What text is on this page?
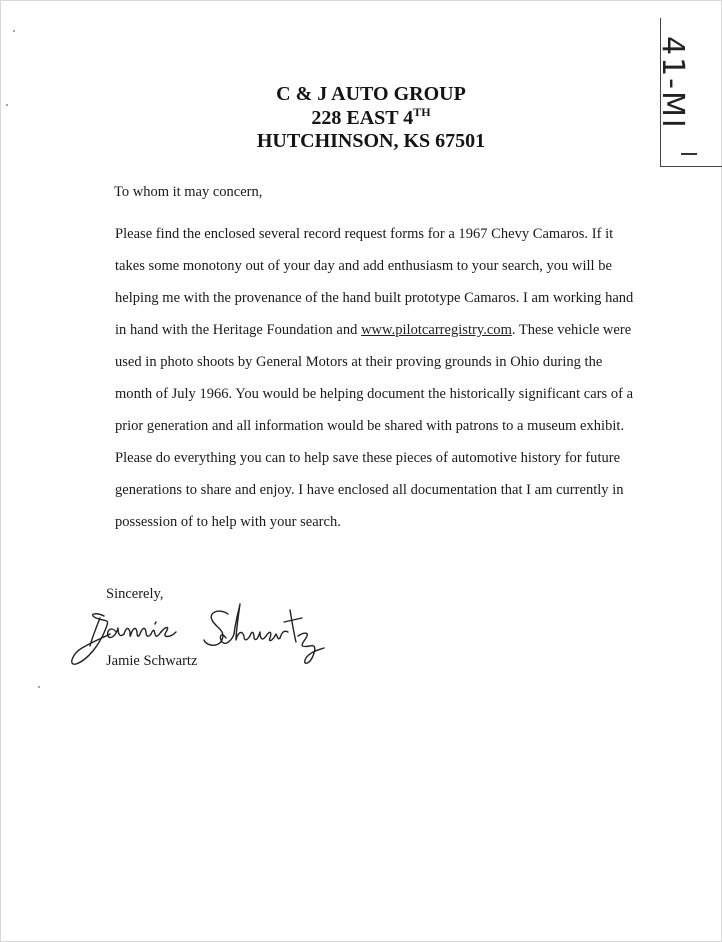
C & J AUTO GROUP
228 EAST 4TH
HUTCHINSON, KS 67501
41-MI
To whom it may concern,
Please find the enclosed several record request forms for a 1967 Chevy Camaros. If it
takes some monotony out of your day and add enthusiasm to your search, you will be
helping me with the provenance of the hand built prototype Camaros. I am working hand
in hand with the Heritage Foundation and www.pilotcarregistry.com. These vehicle were
used in photo shoots by General Motors at their proving grounds in Ohio during the
month of July 1966. You would be helping document the historically significant cars of a
prior generation and all information would be shared with patrons to a museum exhibit.
Please do everything you can to help save these pieces of automotive history for future
generations to share and enjoy. I have enclosed all documentation that I am currently in
possession of to help with your search.
Sincerely,
Jamie Schwartz
